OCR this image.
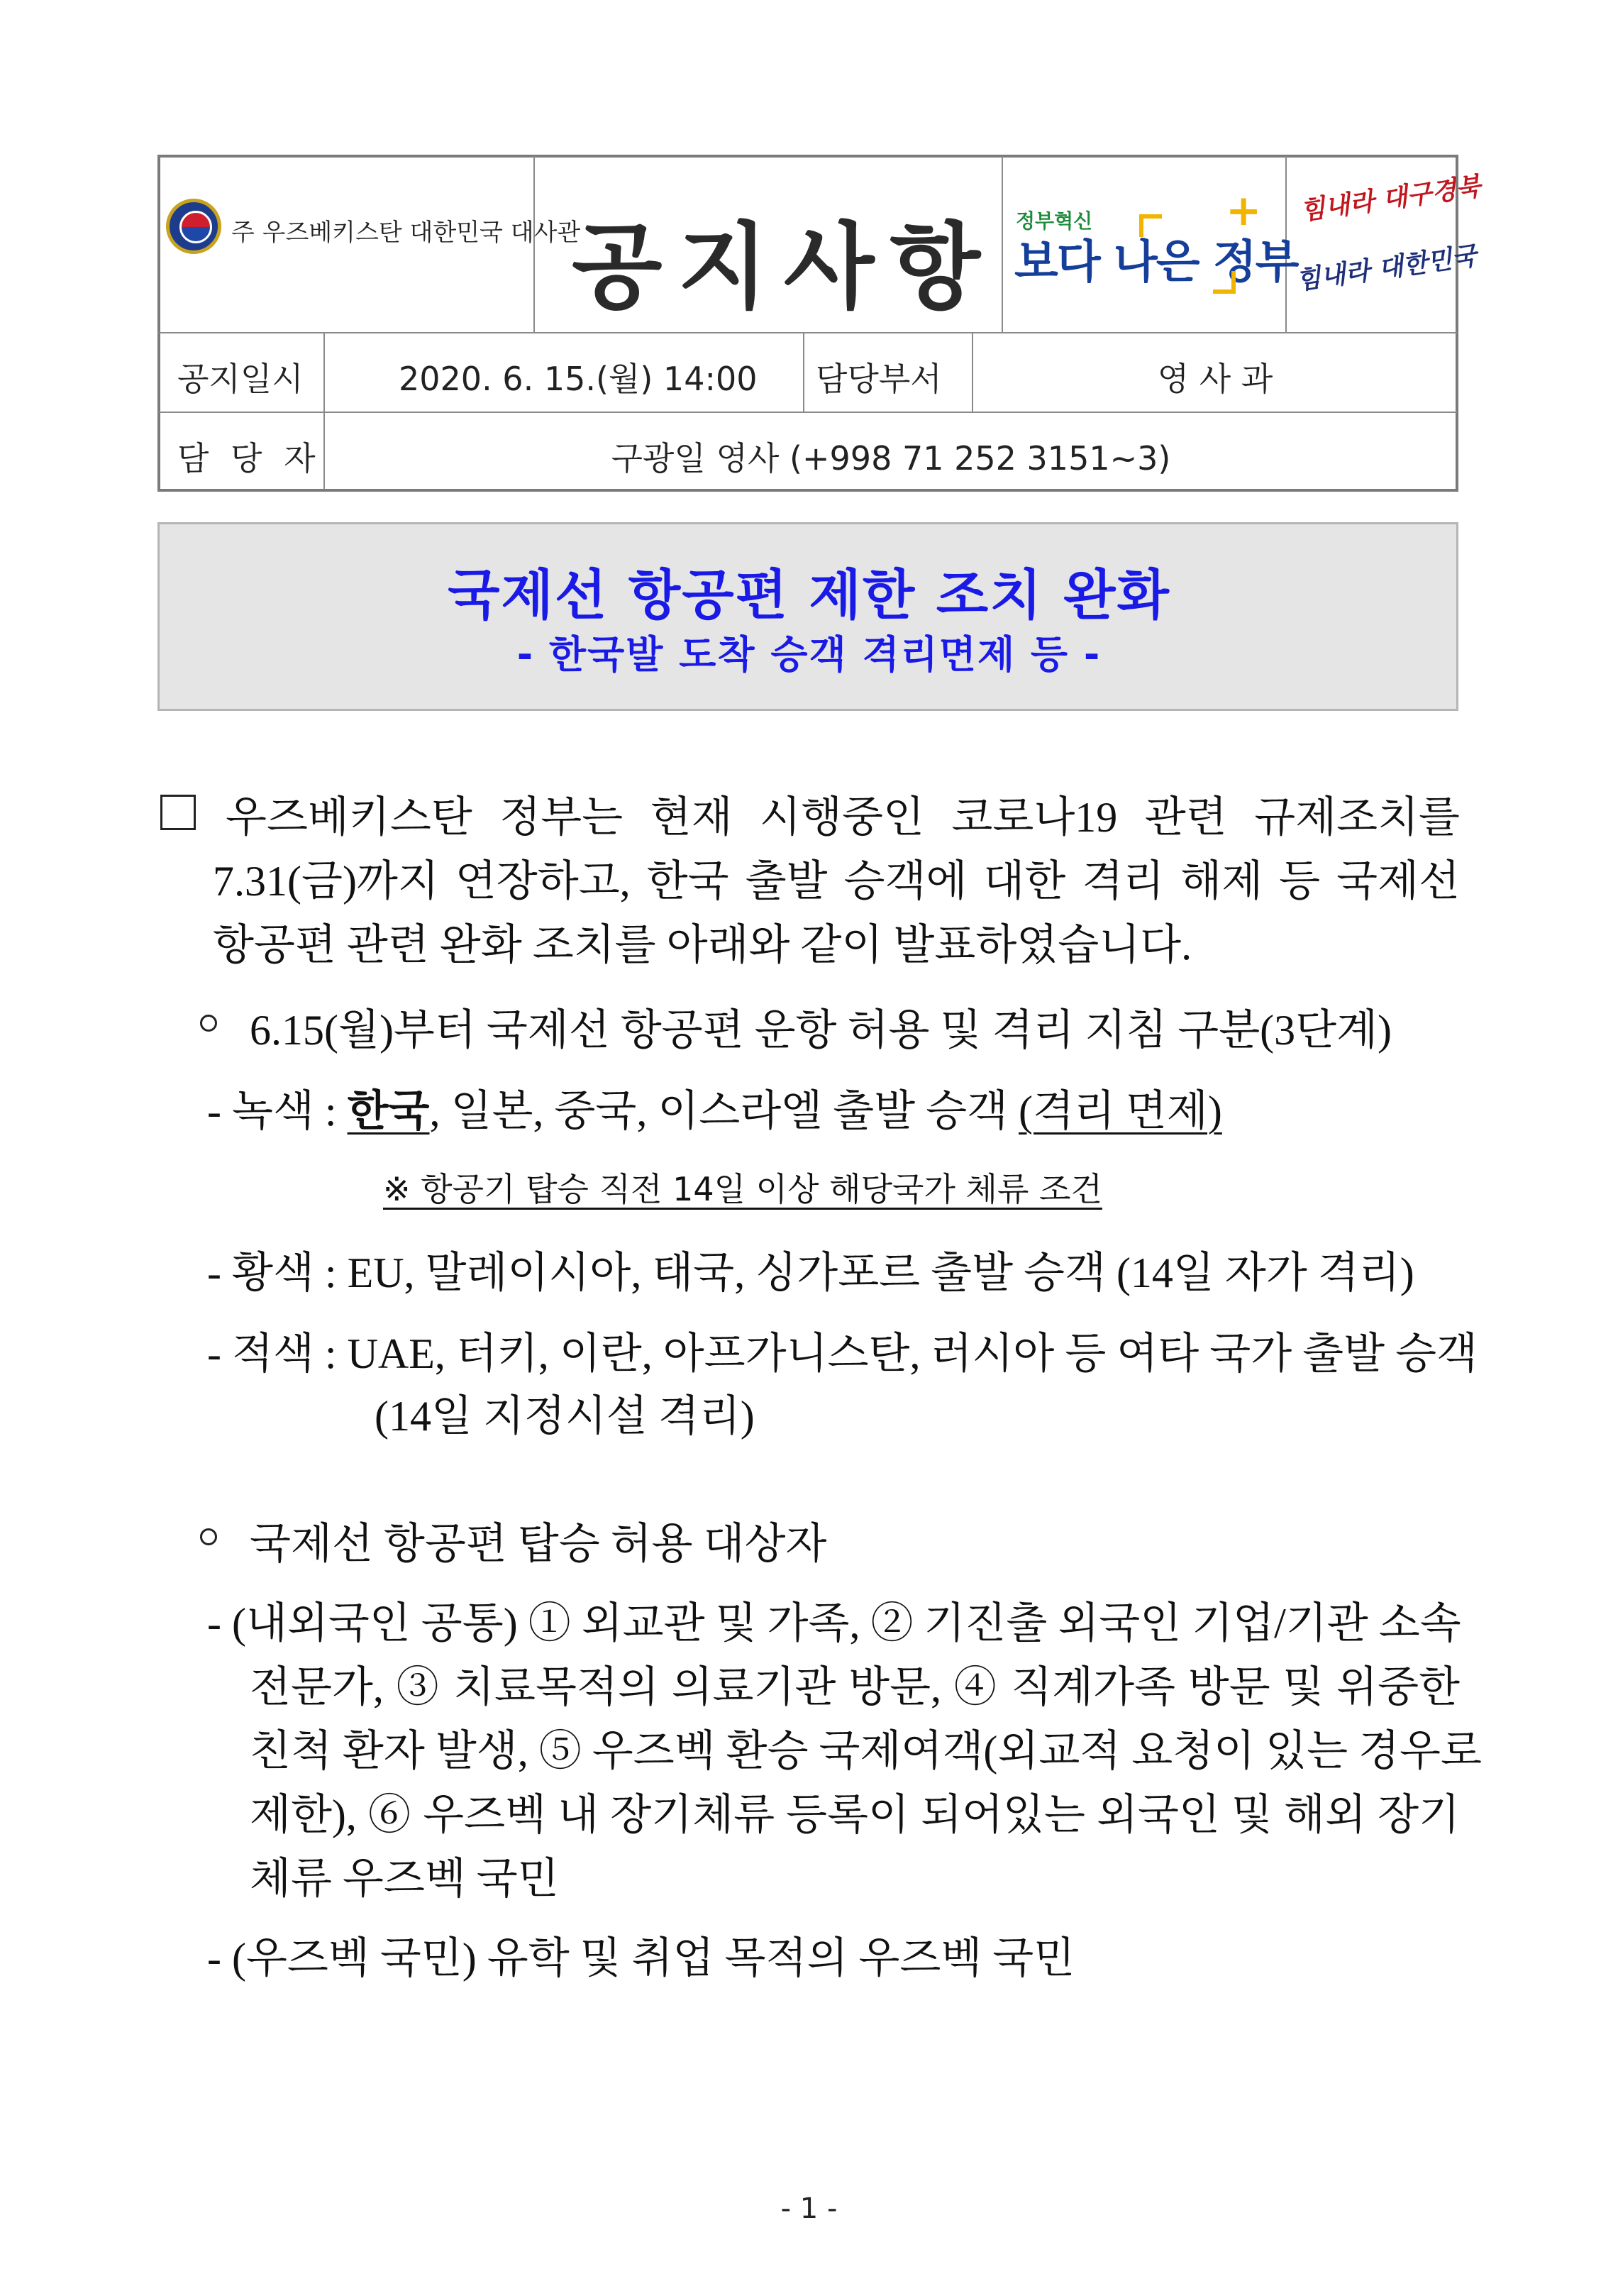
주 우즈베키스탄 대한민국 대사관
공지사항 정부혁신
보다 나은 정부
+ 힘내라 대구경북
힘내라 대한민국
공지일시	2020. 6. 15.(월) 14:00 담당부서	영 사 과
담 당 자	구광일 영사 (+998 71 252 3151~3)
국제선 항공편 제한 조치 완화
- 한국발 도착 승객 격리면제 등 -
우즈베키스탄 정부는 현재 시행중인 코로나19 관련 규제조치를
7.31(금)까지 연장하고, 한국 출발 승객에 대한 격리 해제 등 국제선
항공편 관련 완화 조치를 아래와 같이 발표하였습니다.
6.15(월)부터 국제선 항공편 운항 허용 및 격리 지침 구분(3단계)
- 녹색 : 한국, 일본, 중국, 이스라엘 출발 승객 (격리 면제)
※ 항공기 탑승 직전 14일 이상 해당국가 체류 조건
- 황색 : EU, 말레이시아, 태국, 싱가포르 출발 승객 (14일 자가 격리)
- 적색 : UAE, 터키, 이란, 아프가니스탄, 러시아 등 여타 국가 출발 승객
(14일 지정시설 격리)
국제선 항공편 탑승 허용 대상자
- (내외국인 공통) ① 외교관 및 가족, ② 기진출 외국인 기업/기관 소속
전문가, ③ 치료목적의 의료기관 방문, ④ 직계가족 방문 및 위중한
친척 환자 발생, ⑤ 우즈벡 환승 국제여객(외교적 요청이 있는 경우로
제한), ⑥ 우즈벡 내 장기체류 등록이 되어있는 외국인 및 해외 장기
체류 우즈벡 국민
- (우즈벡 국민) 유학 및 취업 목적의 우즈벡 국민
- 1 -
